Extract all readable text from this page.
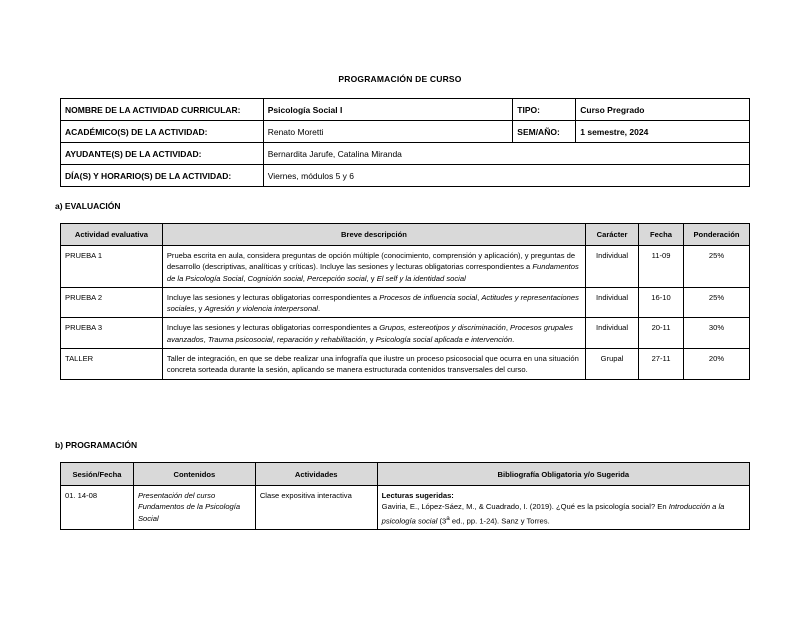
PROGRAMACIÓN DE CURSO
NOMBRE DE LA ACTIVIDAD CURRICULAR:	Psicología Social I	TIPO:	Curso Pregrado
ACADÉMICO(S) DE LA ACTIVIDAD:	Renato Moretti	SEM/AÑO:	1 semestre, 2024
AYUDANTE(S) DE LA ACTIVIDAD:	Bernardita Jarufe, Catalina Miranda		
DÍA(S) Y HORARIO(S) DE LA ACTIVIDAD:	Viernes, módulos 5 y 6		
a) EVALUACIÓN
Actividad evaluativa	Breve descripción	Carácter	Fecha	Ponderación
PRUEBA 1	Prueba escrita en aula, considera preguntas de opción múltiple (conocimiento, comprensión y aplicación), y preguntas de desarrollo (descriptivas, analíticas y críticas). Incluye las sesiones y lecturas obligatorias correspondientes a Fundamentos de la Psicología Social, Cognición social, Percepción social, y El self y la identidad social	Individual	11-09	25%
PRUEBA 2	Incluye las sesiones y lecturas obligatorias correspondientes a Procesos de influencia social, Actitudes y representaciones sociales, y Agresión y violencia interpersonal.	Individual	16-10	25%
PRUEBA 3	Incluye las sesiones y lecturas obligatorias correspondientes a Grupos, estereotipos y discriminación, Procesos grupales avanzados, Trauma psicosocial, reparación y rehabilitación, y Psicología social aplicada e intervención.	Individual	20-11	30%
TALLER	Taller de integración, en que se debe realizar una infografía que ilustre un proceso psicosocial que ocurra en una situación concreta sorteada durante la sesión, aplicando se manera estructurada contenidos transversales del curso.	Grupal	27-11	20%
b) PROGRAMACIÓN
Sesión/Fecha	Contenidos	Actividades	Bibliografía Obligatoria y/o Sugerida
01. 14-08	Presentación del curso Fundamentos de la Psicología Social	Clase expositiva interactiva	Lecturas sugeridas:
Gaviria, E., López-Sáez, M., & Cuadrado, I. (2019). ¿Qué es la psicología social? En Introducción a la psicología social (3$^a$ ed., pp. 1-24). Sanz y Torres.
